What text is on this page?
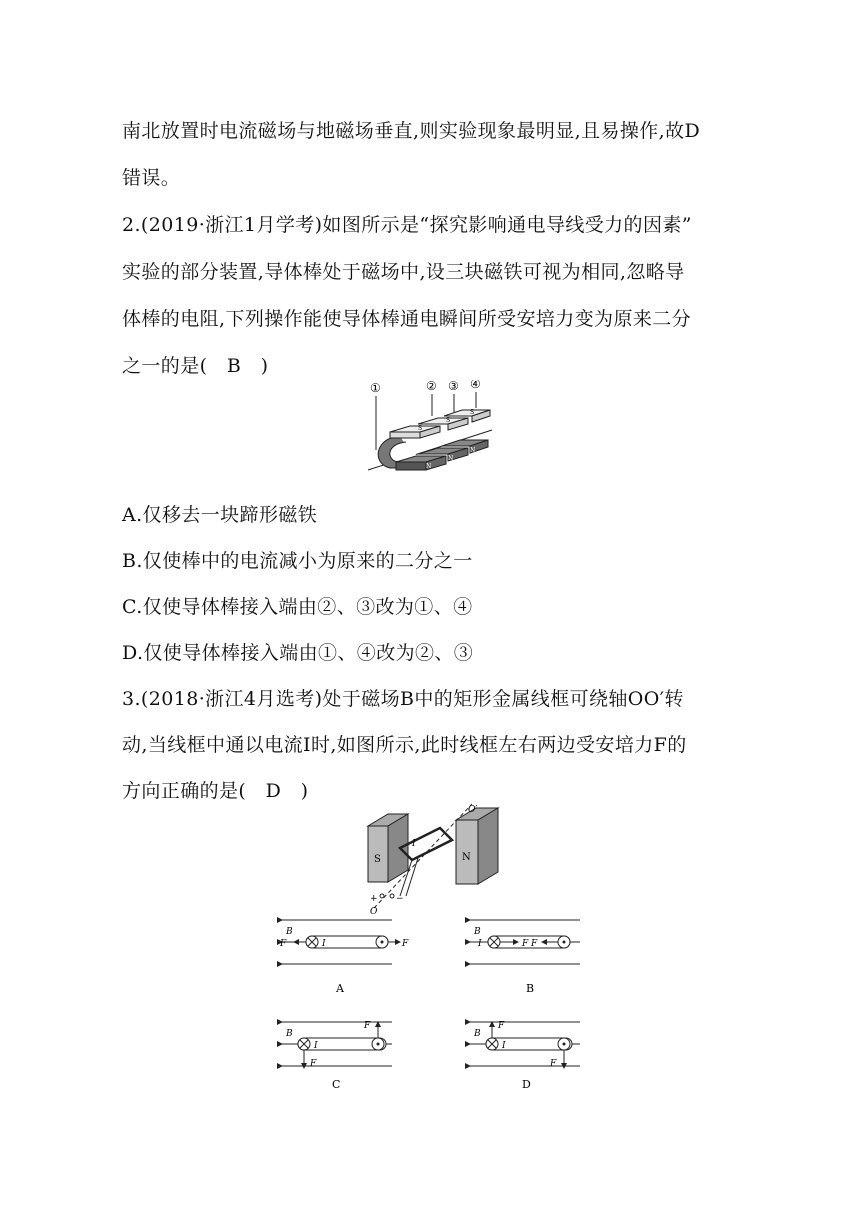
南北放置时电流磁场与地磁场垂直,则实验现象最明显,且易操作,故D
错误。
2.(2019·浙江1月学考)如图所示是“探究影响通电导线受力的因素”
实验的部分装置,导体棒处于磁场中,设三块磁铁可视为相同,忽略导
体棒的电阻,下列操作能使导体棒通电瞬间所受安培力变为原来二分
之一的是(　B　)
①	② ③ ④
S
S
S
N
N
N
A.仅移去一块蹄形磁铁
B.仅使棒中的电流减小为原来的二分之一
C.仅使导体棒接入端由②、③改为①、④
D.仅使导体棒接入端由①、④改为②、③
3.(2018·浙江4月选考)处于磁场B中的矩形金属线框可绕轴OO′转
动,当线框中通以电流I时,如图所示,此时线框左右两边受安培力F的
方向正确的是(　D　)
S	N
O′
O
+ −
I
B
I
F	F
A
B
I	F F
B
B
I
F
F
C
B
I
F
F
D
